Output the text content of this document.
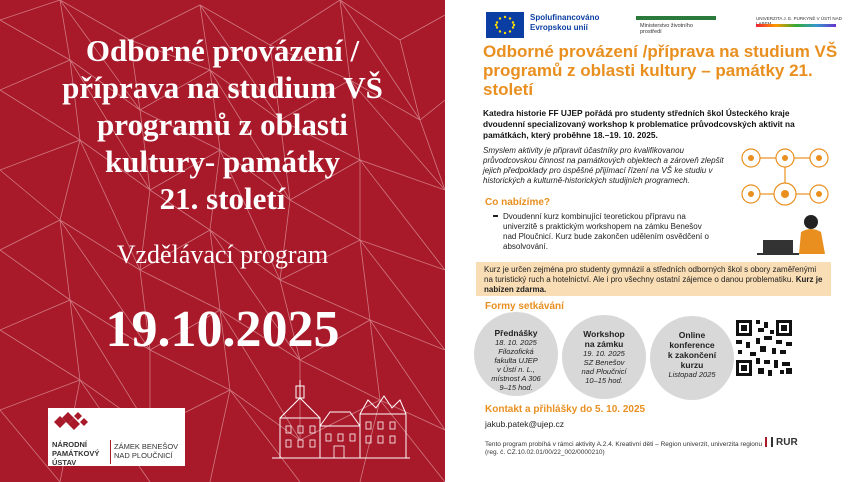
Odborné provázení /
příprava na studium VŠ
programů z oblasti
kultury- památky
21. století
Vzdělávací program
19.10.2025
NÁRODNÍ
PAMÁTKOVÝ
ÚSTAV
ZÁMEK BENEŠOV
NAD PLOUČNICÍ
Spolufinancováno
Evropskou unií	Ministerstvo životního prostředí
UNIVERZITA J. E. PURKYNĚ V ÚSTÍ NAD
Odborné provázení /příprava na studium VŠ programů z oblasti kultury – památky 21. století
Katedra historie FF UJEP pořádá pro studenty středních škol Ústeckého kraje dvoudenní specializovaný workshop k problematice průvodcovských aktivit na památkách, který proběhne 18.–19. 10. 2025.
Smyslem aktivity je připravit účastníky pro kvalifikovanou průvodcovskou činnost na památkových objektech a zároveň zlepšit jejich předpoklady pro úspěšné přijímací řízení na VŠ ke studiu v historických a kulturně-historických studijních programech.
Co nabízíme?
Dvoudenní kurz kombinující teoretickou přípravu na univerzitě s praktickým workshopem na zámku Benešov nad Ploučnicí. Kurz bude zakončen udělením osvědčení o absolvování.
Kurz je určen zejména pro studenty gymnázií a středních odborných škol s obory zaměřenými na turistický ruch a hotelnictví. Ale i pro všechny ostatní zájemce o danou problematiku. Kurz je nabízen zdarma.
Formy setkávání
Přednášky
18. 10. 2025
Filozofická
fakulta UJEP
v Ústí n. L.,
místnost A 306
9–15 hod.
Workshop
na zámku
19. 10. 2025
SZ Benešov
nad Ploučnicí
10–15 hod.
Online
konference
k zakončení
kurzu
Listopad 2025
Kontakt a přihlášky do 5. 10. 2025
jakub.patek@ujep.cz
Tento program probíhá v rámci aktivity A.2.4. Kreativní děti – Region univerzit, univerzita regionu (reg. č. CZ.10.02.01/00/22_002/0000210)
RUR
